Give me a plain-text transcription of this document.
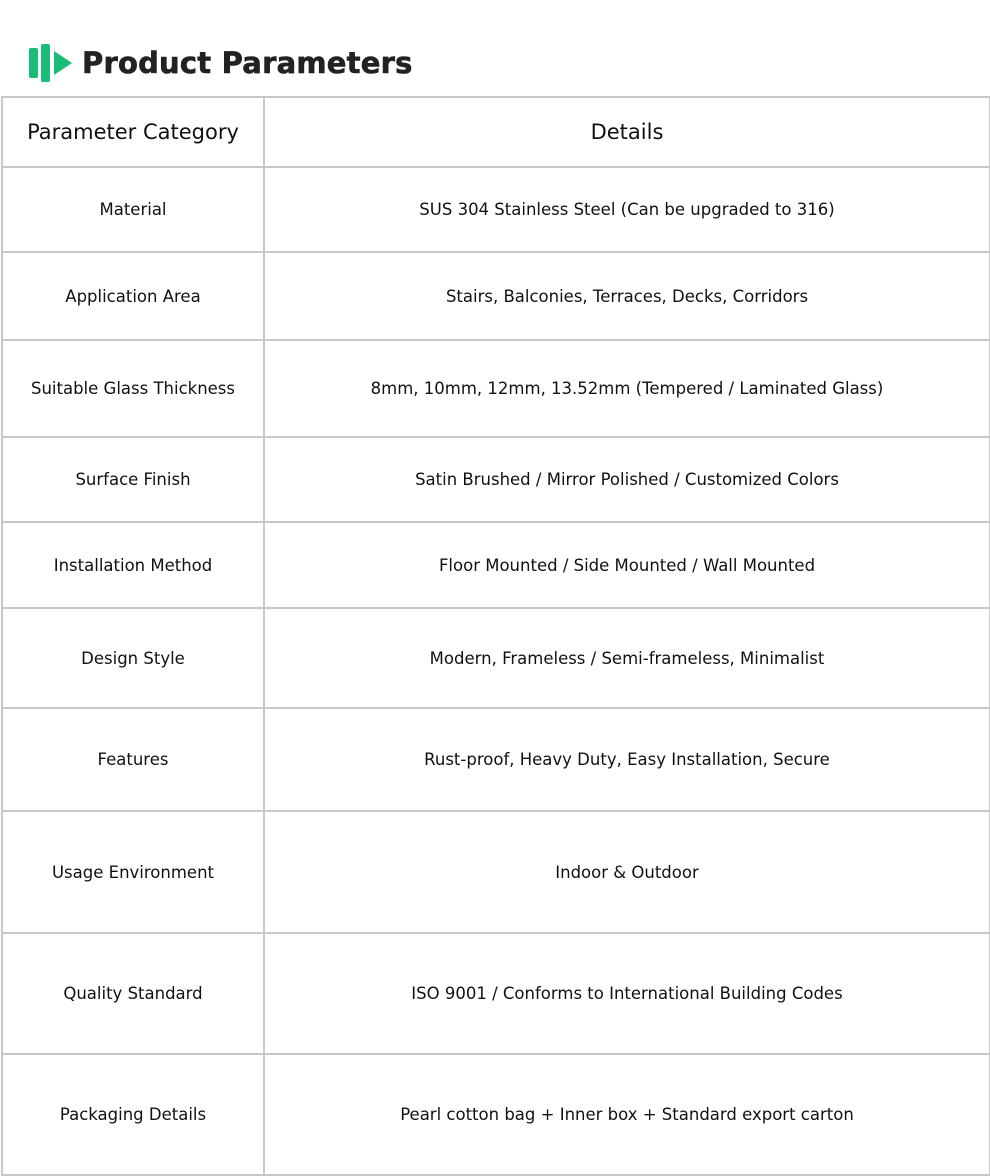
Product Parameters
Parameter Category	Details
Material	SUS 304 Stainless Steel (Can be upgraded to 316)
Application Area	Stairs, Balconies, Terraces, Decks, Corridors
Suitable Glass Thickness	8mm, 10mm, 12mm, 13.52mm (Tempered / Laminated Glass)
Surface Finish	Satin Brushed / Mirror Polished / Customized Colors
Installation Method	Floor Mounted / Side Mounted / Wall Mounted
Design Style	Modern, Frameless / Semi-frameless, Minimalist
Features	Rust-proof, Heavy Duty, Easy Installation, Secure
Usage Environment	Indoor & Outdoor
Quality Standard	ISO 9001 / Conforms to International Building Codes
Packaging Details	Pearl cotton bag + Inner box + Standard export carton
